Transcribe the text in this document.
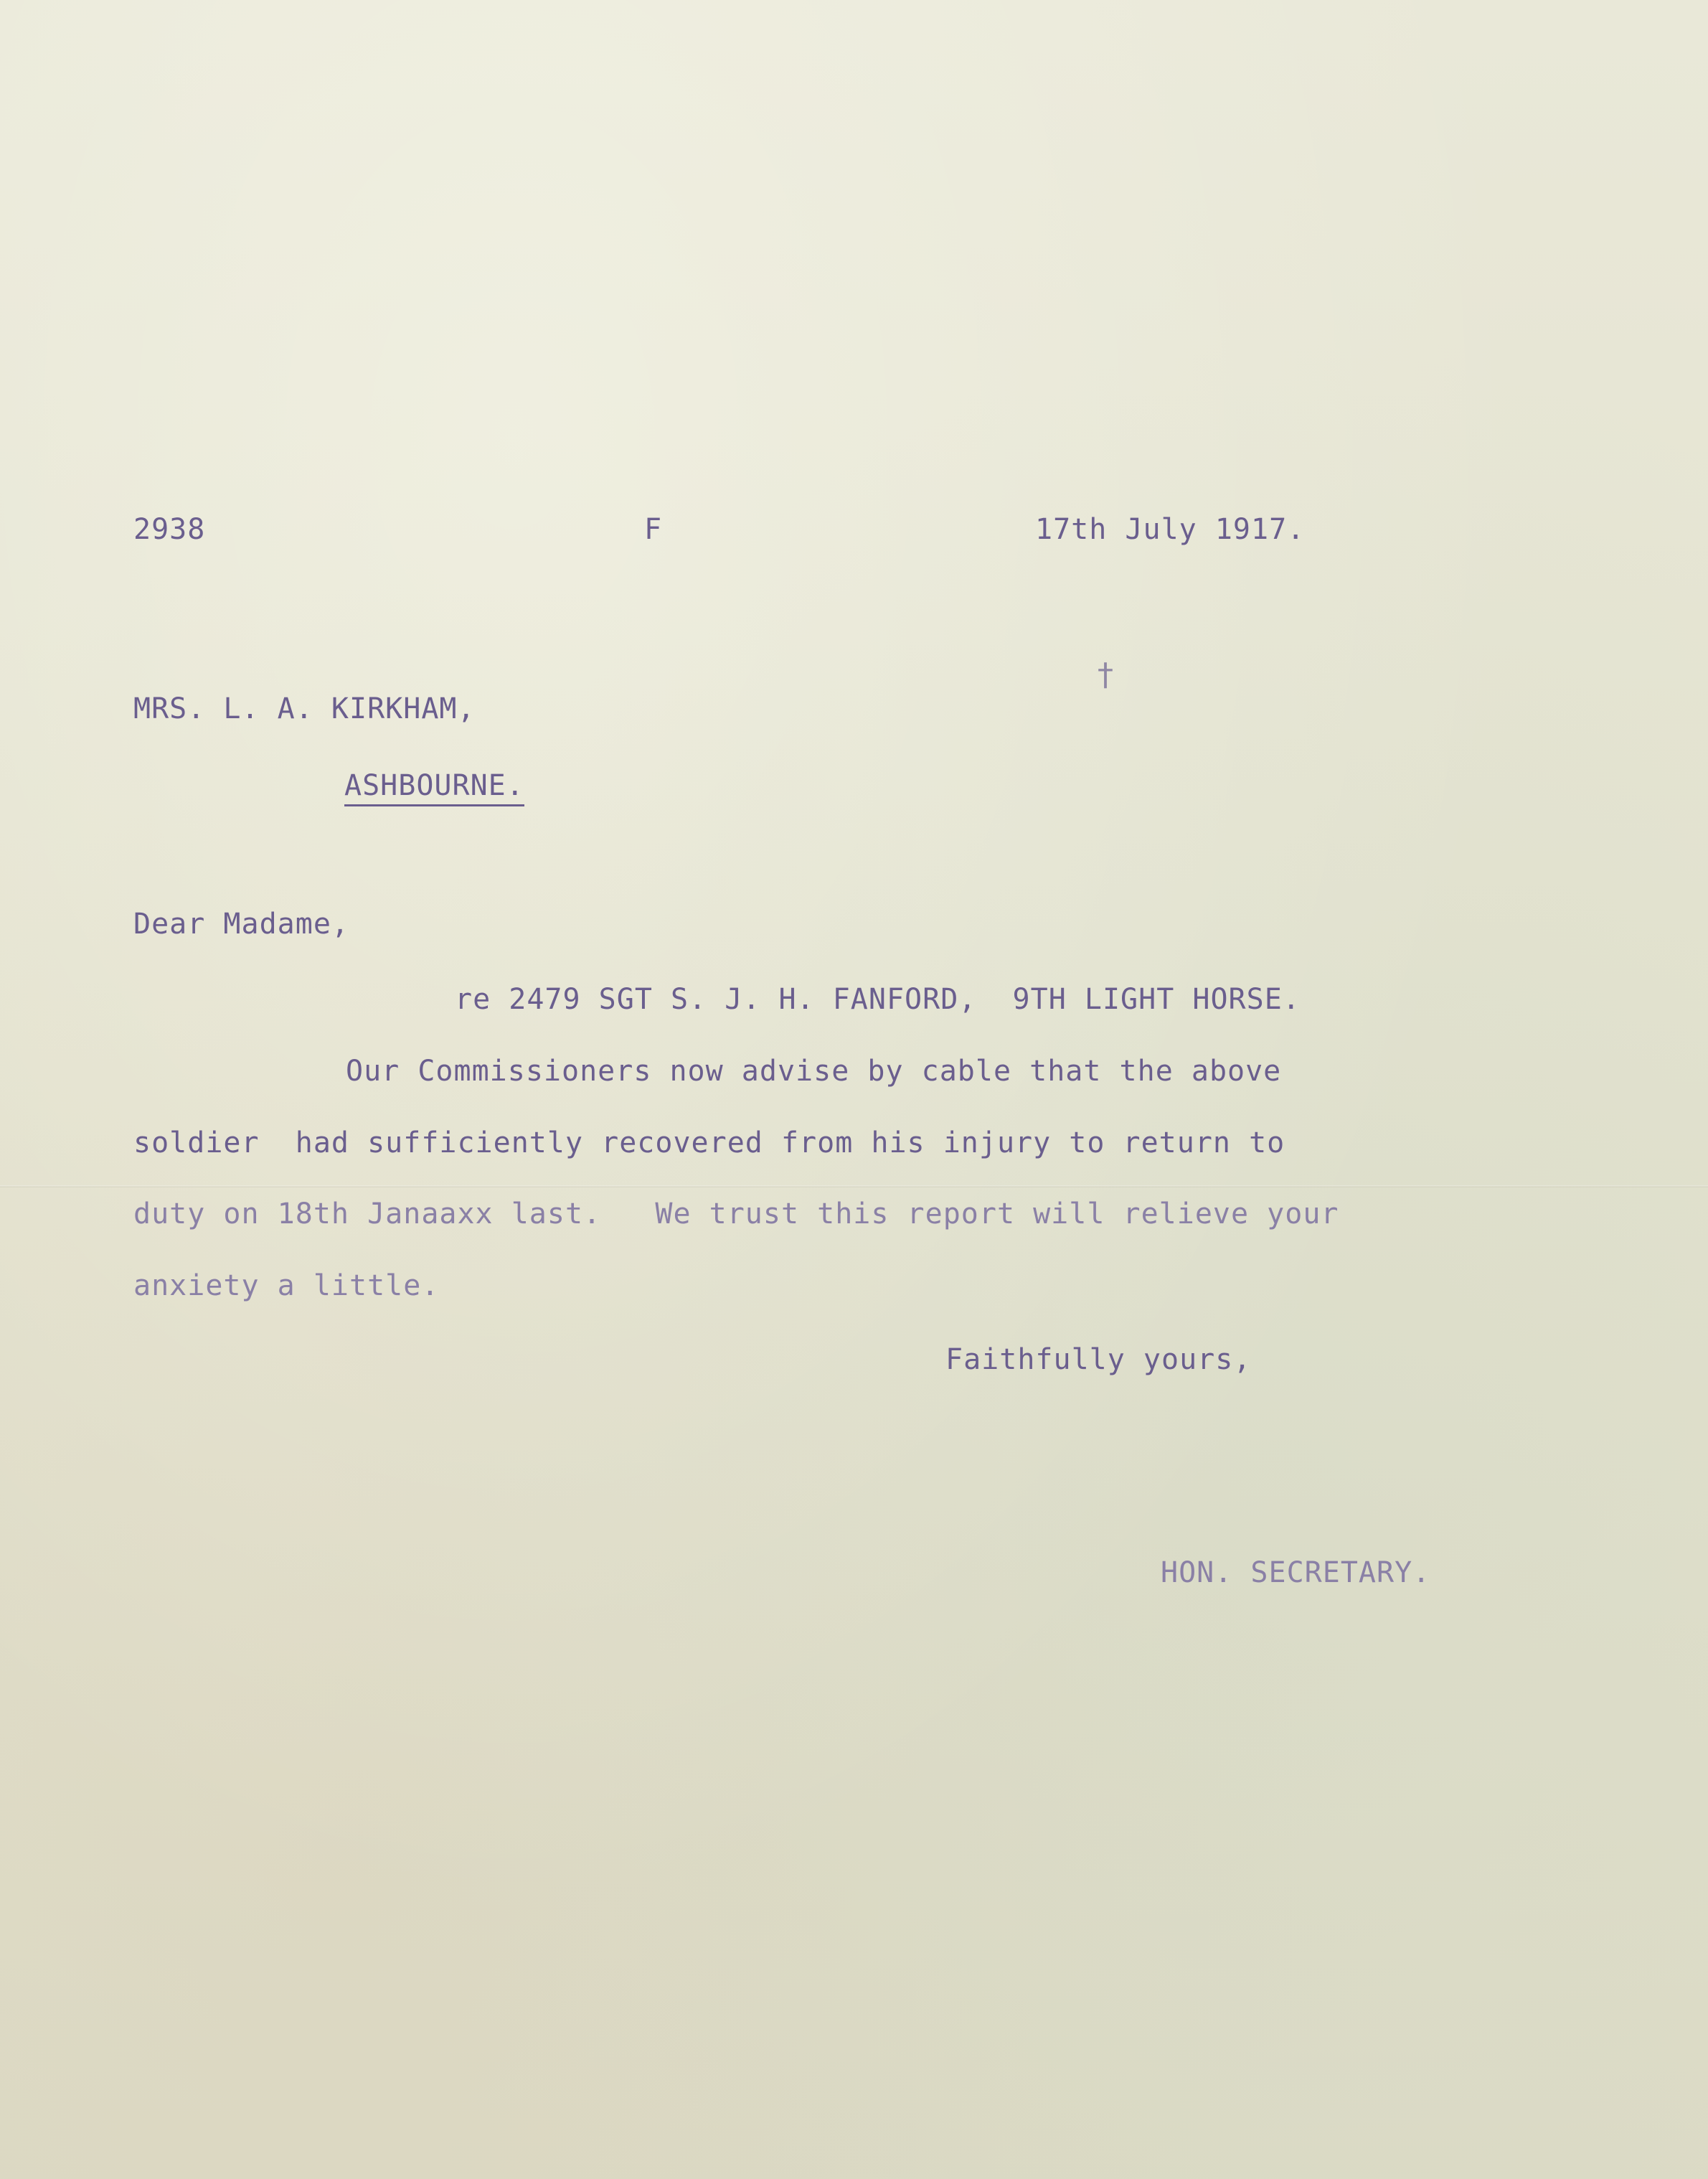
2938	F	17th July 1917.
†
MRS. L. A. KIRKHAM,
ASHBOURNE.
Dear Madame,
re 2479 SGT S. J. H. FANFORD,  9TH LIGHT HORSE.
Our Commissioners now advise by cable that the above
soldier  had sufficiently recovered from his injury to return to
duty on 18th Janaaxx last.   We trust this report will relieve your
anxiety a little.
Faithfully yours,
HON. SECRETARY.
